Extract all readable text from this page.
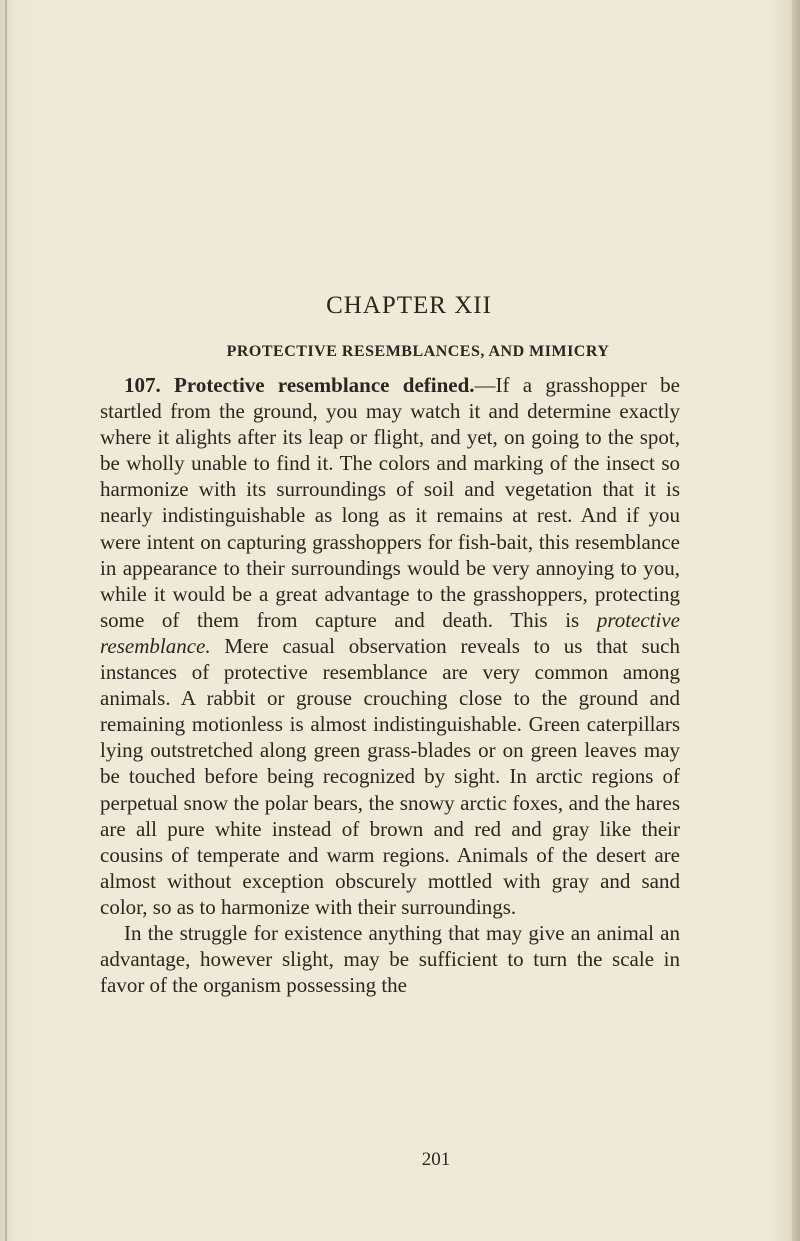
CHAPTER XII
PROTECTIVE RESEMBLANCES, AND MIMICRY

107. Protective resemblance defined.—If a grasshopper be startled from the ground, you may watch it and determine exactly where it alights after its leap or flight, and yet, on going to the spot, be wholly unable to find it. The colors and marking of the insect so harmonize with its surroundings of soil and vegetation that it is nearly indistinguishable as long as it remains at rest. And if you were intent on capturing grasshoppers for fish-bait, this resemblance in appearance to their surroundings would be very annoying to you, while it would be a great advantage to the grasshoppers, protecting some of them from capture and death. This is protective resemblance. Mere casual observation reveals to us that such instances of protective resemblance are very common among animals. A rabbit or grouse crouching close to the ground and remaining motionless is almost indistinguishable. Green caterpillars lying outstretched along green grass-blades or on green leaves may be touched before being recognized by sight. In arctic regions of perpetual snow the polar bears, the snowy arctic foxes, and the hares are all pure white instead of brown and red and gray like their cousins of temperate and warm regions. Animals of the desert are almost without exception obscurely mottled with gray and sand color, so as to harmonize with their surroundings.

In the struggle for existence anything that may give an animal an advantage, however slight, may be sufficient to turn the scale in favor of the organism possessing the

201
